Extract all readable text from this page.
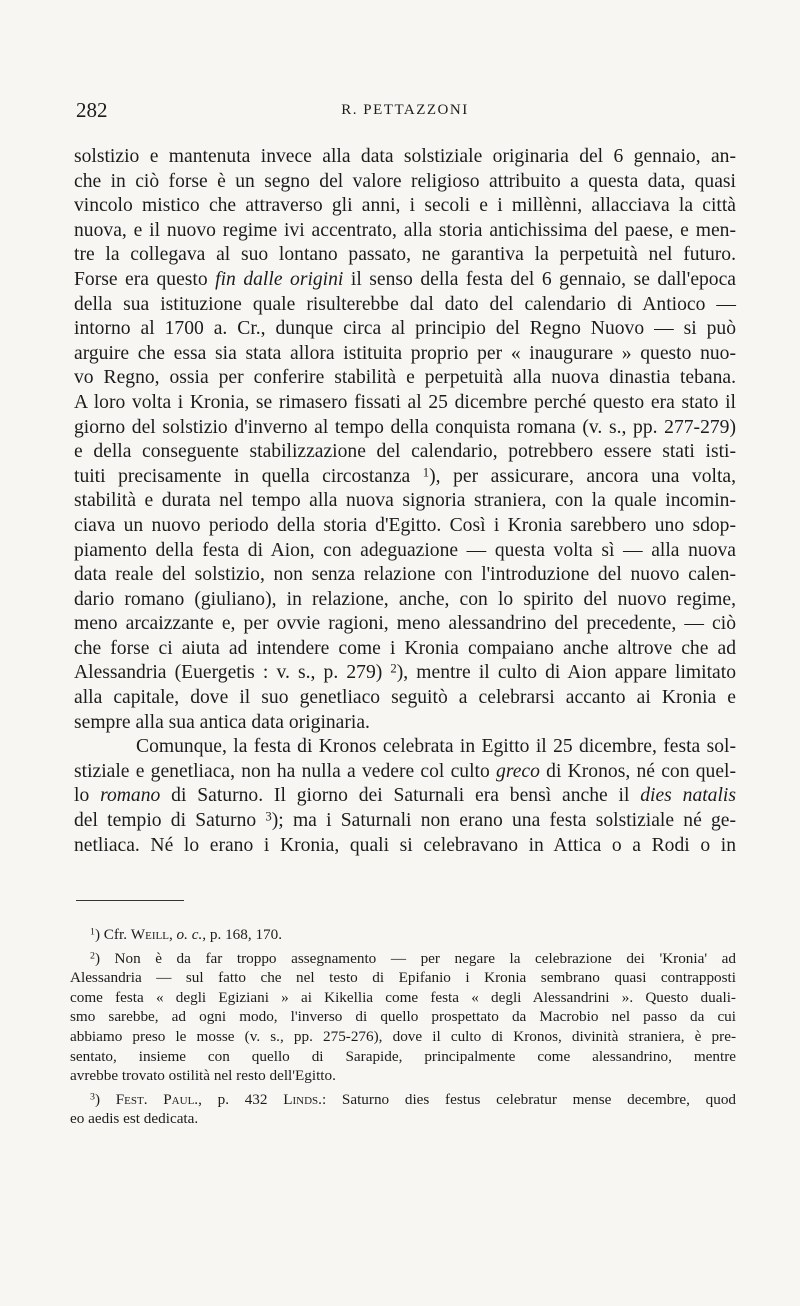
282	R. PETTAZZONI

solstizio e mantenuta invece alla data solstiziale originaria del 6 gennaio, an-
che in ciò forse è un segno del valore religioso attribuito a questa data, quasi
vincolo mistico che attraverso gli anni, i secoli e i millènni, allacciava la città
nuova, e il nuovo regime ivi accentrato, alla storia antichissima del paese, e men-
tre la collegava al suo lontano passato, ne garantiva la perpetuità nel futuro.
Forse era questo fin dalle origini il senso della festa del 6 gennaio, se dall'epoca
della sua istituzione quale risulterebbe dal dato del calendario di Antioco —
intorno al 1700 a. Cr., dunque circa al principio del Regno Nuovo — si può
arguire che essa sia stata allora istituita proprio per « inaugurare » questo nuo-
vo Regno, ossia per conferire stabilità e perpetuità alla nuova dinastia tebana.
A loro volta i Kronia, se rimasero fissati al 25 dicembre perché questo era stato il
giorno del solstizio d'inverno al tempo della conquista romana (v. s., pp. 277-279)
e della conseguente stabilizzazione del calendario, potrebbero essere stati isti-
tuiti precisamente in quella circostanza $^1$), per assicurare, ancora una volta,
stabilità e durata nel tempo alla nuova signoria straniera, con la quale incomin-
ciava un nuovo periodo della storia d'Egitto. Così i Kronia sarebbero uno sdop-
piamento della festa di Aion, con adeguazione — questa volta sì — alla nuova
data reale del solstizio, non senza relazione con l'introduzione del nuovo calen-
dario romano (giuliano), in relazione, anche, con lo spirito del nuovo regime,
meno arcaizzante e, per ovvie ragioni, meno alessandrino del precedente, — ciò
che forse ci aiuta ad intendere come i Kronia compaiano anche altrove che ad
Alessandria (Euergetis : v. s., p. 279) $^2$), mentre il culto di Aion appare limitato
alla capitale, dove il suo genetliaco seguitò a celebrarsi accanto ai Kronia e
sempre alla sua antica data originaria.

Comunque, la festa di Kronos celebrata in Egitto il 25 dicembre, festa sol-
stiziale e genetliaca, non ha nulla a vedere col culto greco di Kronos, né con quel-
lo romano di Saturno. Il giorno dei Saturnali era bensì anche il dies natalis
del tempio di Saturno $^3$); ma i Saturnali non erano una festa solstiziale né ge-
netliaca. Né lo erano i Kronia, quali si celebravano in Attica o a Rodi o in

$^1$) Cfr. Weill, o. c., p. 168, 170.

$^2$) Non è da far troppo assegnamento — per negare la celebrazione dei 'Kronia' ad
Alessandria — sul fatto che nel testo di Epifanio i Kronia sembrano quasi contrapposti
come festa « degli Egiziani » ai Kikellia come festa « degli Alessandrini ». Questo duali-
smo sarebbe, ad ogni modo, l'inverso di quello prospettato da Macrobio nel passo da cui
abbiamo preso le mosse (v. s., pp. 275-276), dove il culto di Kronos, divinità straniera, è pre-
sentato, insieme con quello di Sarapide, principalmente come alessandrino, mentre
avrebbe trovato ostilità nel resto dell'Egitto.

$^3$) Fest. Paul., p. 432 Linds.: Saturno dies festus celebratur mense decembre, quod
eo aedis est dedicata.
